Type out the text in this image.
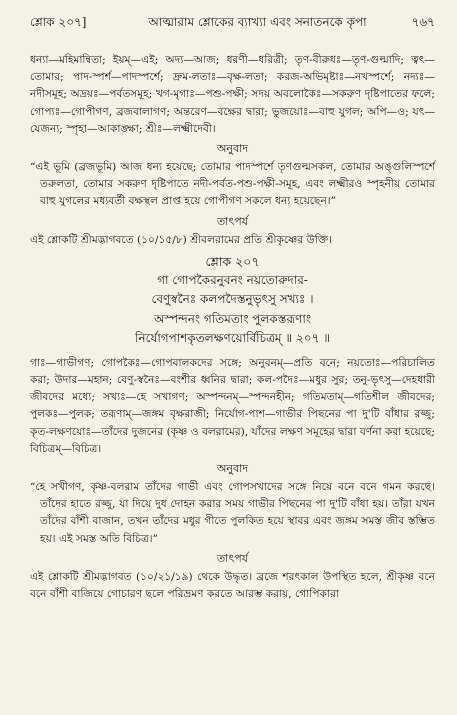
শ্লোক ২০৭]	আত্মারাম শ্লোকের ব্যাখ্যা এবং সনাতনকে কৃপা	৭৬৭

ধন্যা—মহিমান্বিতা; ইয়ম্—এই; অদ্য—আজ; ধরণী—ধরিত্রী; তৃণ-বীরুধঃ—তৃণ-গুল্মাদি; ত্বৎ—তোমার; পাদ-স্পর্শ—পাদস্পর্শে; দ্রুম-লতাঃ—বৃক্ষ-লতা; করজ-অভিমৃষ্টাঃ—নখস্পর্শে; নদ্যঃ—নদীসমূহ; অদ্রয়ঃ—পর্বতসমূহ; খগ-মৃগাঃ—পশু-পক্ষী; সদয় অবলোকৈঃ—সকরুণ দৃষ্টিপাতের ফলে; গোপ্যঃ—গোপীগণ, ব্রজবালাগণ; অন্তরেণ—বক্ষের দ্বারা; ভুজয়োঃ—বাহু যুগল; অপি—ও; যৎ—যেজন্য; স্পৃহা—আকাঙ্ক্ষা; শ্রীঃ—লক্ষ্মীদেবী।

অনুবাদ

“এই ভূমি (ব্রজভূমি) আজ ধন্য হয়েছে; তোমার পাদস্পর্শে তৃণগুল্মসকল, তোমার অঙ্গুলিস্পর্শে তরুলতা, তোমার সকরুণ দৃষ্টিপাতে নদী-পর্বত-পশু-পক্ষী-সমূহ, এবং লক্ষ্মীরও স্পৃহনীয় তোমার বাহু যুগলের মধ্যবর্তী বক্ষস্থল প্রাপ্ত হয়ে গোপীগণ সকলে ধন্য হয়েছেন।”

তাৎপর্য

এই শ্লোকটি শ্রীমদ্ভাগবতে (১০/১৫/৮) শ্রীবলরামের প্রতি শ্রীকৃষ্ণের উক্তি।

শ্লোক ২০৭
গা গোপকৈরনুবনং নয়তোরুদার-
বেণুস্বনৈঃ কলপদৈস্তনুভৃৎসু সখ্যঃ ।
অস্পন্দনং গতিমতাং পুলকস্তরূণাং
নির্যোগপাশকৃতলক্ষণয়োর্বিচিত্রম্ ॥ ২০৭ ॥

গাঃ—গাভীগণ; গোপকৈঃ—গোপবালকদের সঙ্গে; অনুবনম্—প্রতি বনে; নয়তোঃ—পরিচালিত করা; উদার—মহান; বেণু-স্বনৈঃ—বংশীর ধ্বনির দ্বারা; কল-পদৈঃ—মধুর সুর; তনু-ভৃৎসু—দেহধারী জীবদের মধ্যে; সখ্যঃ—হে সখাগণ; অস্পন্দনম্—স্পন্দনহীন; গতিমতাম্—গতিশীল জীবদের; পুলকঃ—পুলক; তরূণাম্—জঙ্গম বৃক্ষরাজী; নির্যোগ-পাশ—গাভীর পিছনের পা দু'টি বাঁধার রজ্জু; কৃত-লক্ষণয়োঃ—তাঁদের দুজনের (কৃষ্ণ ও বলরামের), যাঁদের লক্ষণ সমূহের দ্বারা বর্ণনা করা হয়েছে; বিচিত্রম্—বিচিত্র।

অনুবাদ

“হে সখীগণ, কৃষ্ণ-বলরাম তাঁদের গাভী এবং গোপসখাদের সঙ্গে নিয়ে বনে বনে গমন করছে। তাঁদের হাতে রজ্জু, যা দিয়ে দুধ দোহন করার সময় গাভীর পিছনের পা দু'টি বাঁধা হয়। তাঁরা যখন তাঁদের বাঁশী বাজান, তখন তাঁদের মধুর গীতে পুলকিত হয়ে স্থাবর এবং জঙ্গম সমস্ত জীব স্তম্ভিত হয়। এই সমস্ত অতি বিচিত্র।”

তাৎপর্য

এই শ্লোকটি শ্রীমদ্ভাগবত (১০/২১/১৯) থেকে উদ্ধৃত। ব্রজে শরৎকাল উপস্থিত হলে, শ্রীকৃষ্ণ বনে বনে বাঁশী বাজিয়ে গোচারণ ছলে পরিভ্রমণ করতে আরম্ভ করায়, গোপিকারা
